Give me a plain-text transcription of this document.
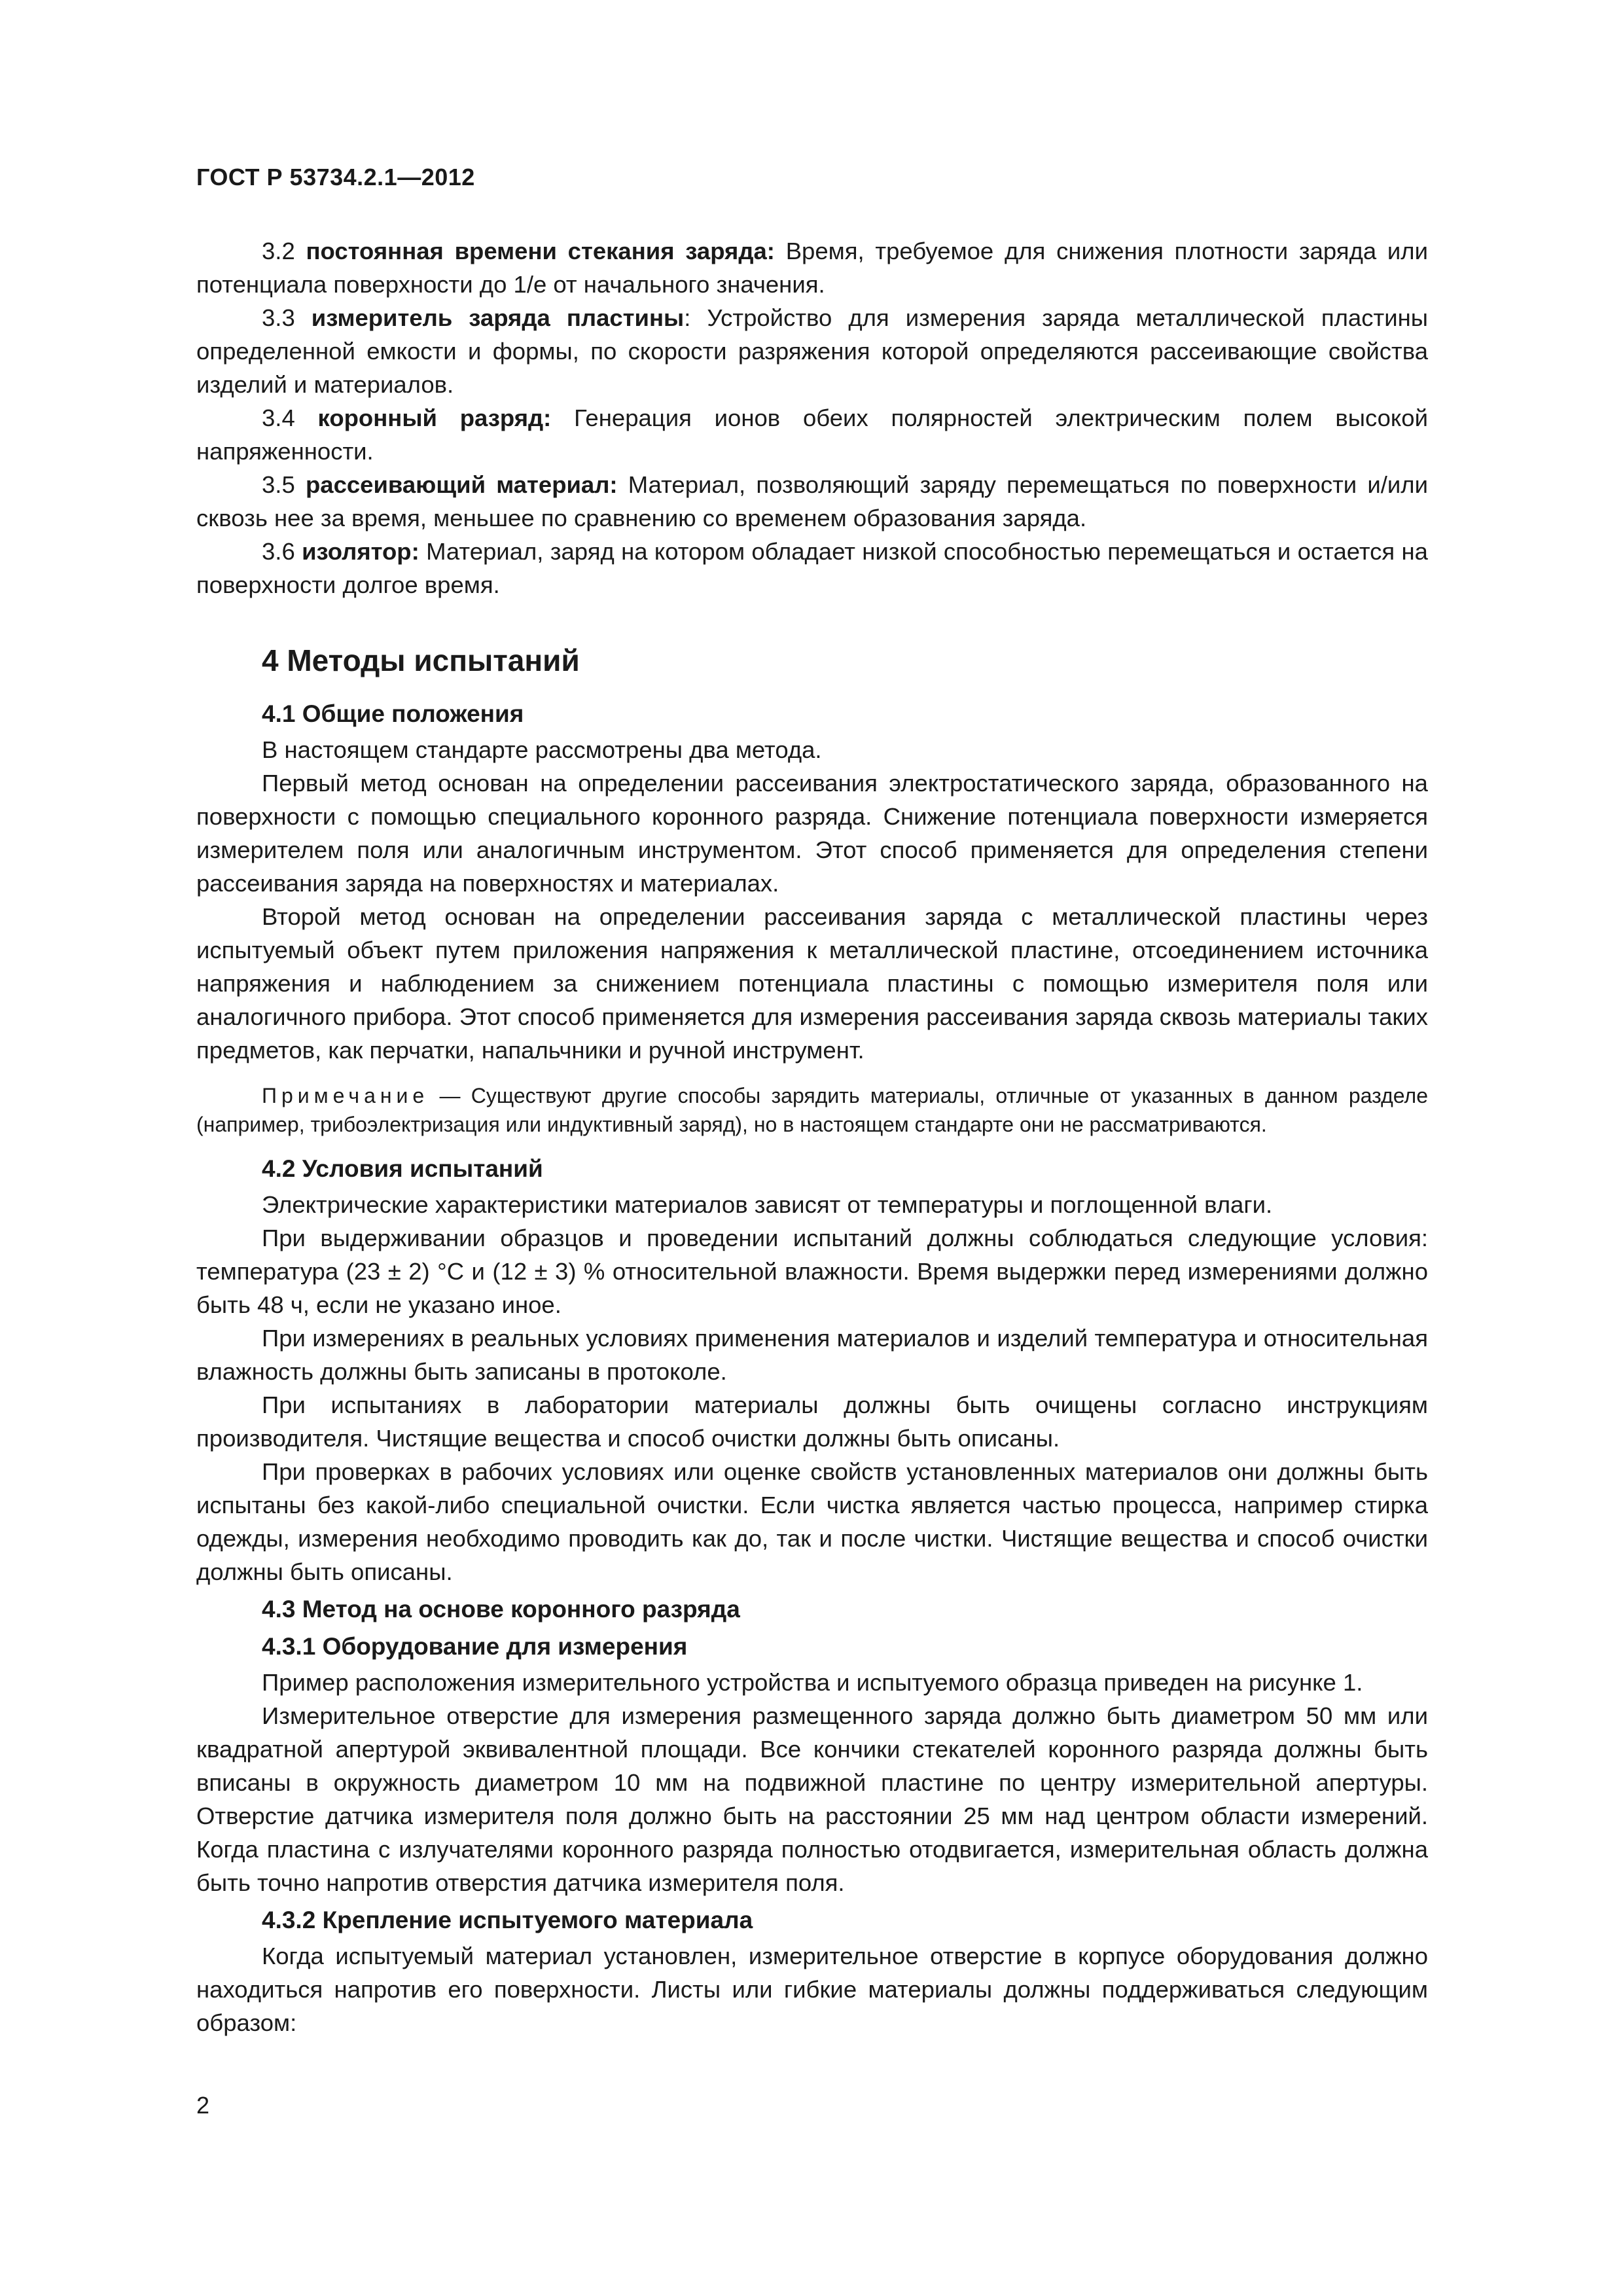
ГОСТ Р 53734.2.1—2012

3.2 постоянная времени стекания заряда: Время, требуемое для снижения плотности заряда или потенциала поверхности до 1/е от начального значения.

3.3 измеритель заряда пластины: Устройство для измерения заряда металлической пластины определенной емкости и формы, по скорости разряжения которой определяются рассеивающие свойства изделий и материалов.

3.4 коронный разряд: Генерация ионов обеих полярностей электрическим полем высокой напряженности.

3.5 рассеивающий материал: Материал, позволяющий заряду перемещаться по поверхности и/или сквозь нее за время, меньшее по сравнению со временем образования заряда.

3.6 изолятор: Материал, заряд на котором обладает низкой способностью перемещаться и остается на поверхности долгое время.

4 Методы испытаний
4.1 Общие положения

В настоящем стандарте рассмотрены два метода.

Первый метод основан на определении рассеивания электростатического заряда, образованного на поверхности с помощью специального коронного разряда. Снижение потенциала поверхности измеряется измерителем поля или аналогичным инструментом. Этот способ применяется для определения степени рассеивания заряда на поверхностях и материалах.

Второй метод основан на определении рассеивания заряда с металлической пластины через испытуемый объект путем приложения напряжения к металлической пластине, отсоединением источника напряжения и наблюдением за снижением потенциала пластины с помощью измерителя поля или аналогичного прибора. Этот способ применяется для измерения рассеивания заряда сквозь материалы таких предметов, как перчатки, напальчники и ручной инструмент.

Примечание — Существуют другие способы зарядить материалы, отличные от указанных в данном разделе (например, трибоэлектризация или индуктивный заряд), но в настоящем стандарте они не рассматриваются.
4.2 Условия испытаний

Электрические характеристики материалов зависят от температуры и поглощенной влаги.

При выдерживании образцов и проведении испытаний должны соблюдаться следующие условия: температура (23 ± 2) °С и (12 ± 3) % относительной влажности. Время выдержки перед измерениями должно быть 48 ч, если не указано иное.

При измерениях в реальных условиях применения материалов и изделий температура и относительная влажность должны быть записаны в протоколе.

При испытаниях в лаборатории материалы должны быть очищены согласно инструкциям производителя. Чистящие вещества и способ очистки должны быть описаны.

При проверках в рабочих условиях или оценке свойств установленных материалов они должны быть испытаны без какой-либо специальной очистки. Если чистка является частью процесса, например стирка одежды, измерения необходимо проводить как до, так и после чистки. Чистящие вещества и способ очистки должны быть описаны.

4.3 Метод на основе коронного разряда
4.3.1 Оборудование для измерения

Пример расположения измерительного устройства и испытуемого образца приведен на рисунке 1.

Измерительное отверстие для измерения размещенного заряда должно быть диаметром 50 мм или квадратной апертурой эквивалентной площади. Все кончики стекателей коронного разряда должны быть вписаны в окружность диаметром 10 мм на подвижной пластине по центру измерительной апертуры. Отверстие датчика измерителя поля должно быть на расстоянии 25 мм над центром области измерений. Когда пластина с излучателями коронного разряда полностью отодвигается, измерительная область должна быть точно напротив отверстия датчика измерителя поля.

4.3.2 Крепление испытуемого материала

Когда испытуемый материал установлен, измерительное отверстие в корпусе оборудования должно находиться напротив его поверхности. Листы или гибкие материалы должны поддерживаться следующим образом:

2
